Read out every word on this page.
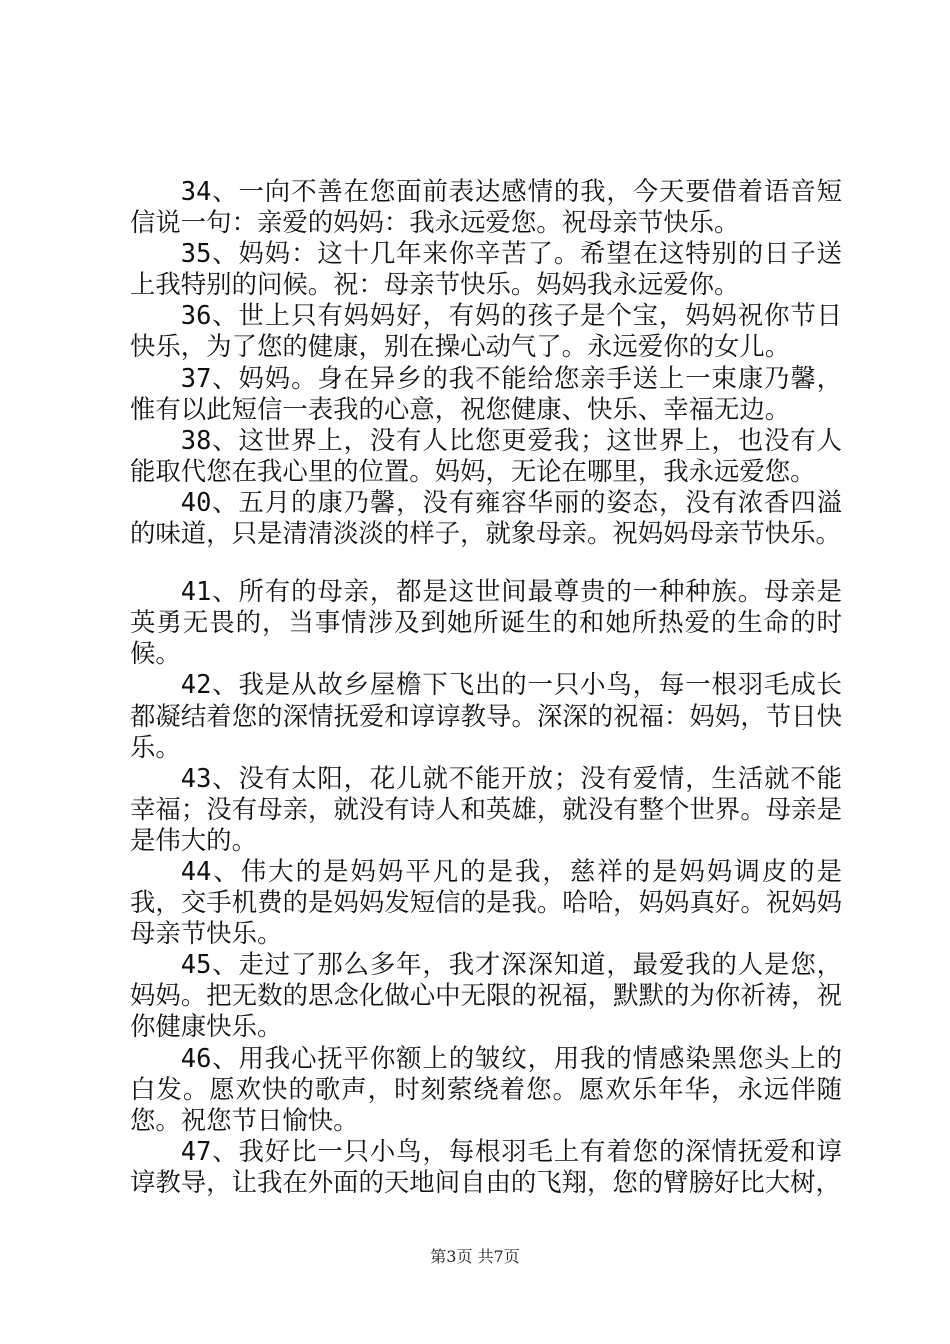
34、一向不善在您面前表达感情的我，今天要借着语音短信说一句：亲爱的妈妈：我永远爱您。祝母亲节快乐。

35、妈妈：这十几年来你辛苦了。希望在这特别的日子送上我特别的问候。祝：母亲节快乐。妈妈我永远爱你。

36、世上只有妈妈好，有妈的孩子是个宝，妈妈祝你节日快乐，为了您的健康，别在操心动气了。永远爱你的女儿。

37、妈妈。身在异乡的我不能给您亲手送上一束康乃馨，惟有以此短信一表我的心意，祝您健康、快乐、幸福无边。

38、这世界上，没有人比您更爱我；这世界上，也没有人能取代您在我心里的位置。妈妈，无论在哪里，我永远爱您。

40、五月的康乃馨，没有雍容华丽的姿态，没有浓香四溢的味道，只是清清淡淡的样子，就象母亲。祝妈妈母亲节快乐。

41、所有的母亲，都是这世间最尊贵的一种种族。母亲是英勇无畏的，当事情涉及到她所诞生的和她所热爱的生命的时候。

42、我是从故乡屋檐下飞出的一只小鸟，每一根羽毛成长都凝结着您的深情抚爱和谆谆教导。深深的祝福：妈妈，节日快乐。

43、没有太阳，花儿就不能开放；没有爱情，生活就不能幸福；没有母亲，就没有诗人和英雄，就没有整个世界。母亲是是伟大的。

44、伟大的是妈妈平凡的是我，慈祥的是妈妈调皮的是我，交手机费的是妈妈发短信的是我。哈哈，妈妈真好。祝妈妈母亲节快乐。

45、走过了那么多年，我才深深知道，最爱我的人是您，妈妈。把无数的思念化做心中无限的祝福，默默的为你祈祷，祝你健康快乐。

46、用我心抚平你额上的皱纹，用我的情感染黑您头上的白发。愿欢快的歌声，时刻萦绕着您。愿欢乐年华，永远伴随您。祝您节日愉快。

47、我好比一只小鸟，每根羽毛上有着您的深情抚爱和谆谆教导，让我在外面的天地间自由的飞翔，您的臂膀好比大树，

第3页 共7页
